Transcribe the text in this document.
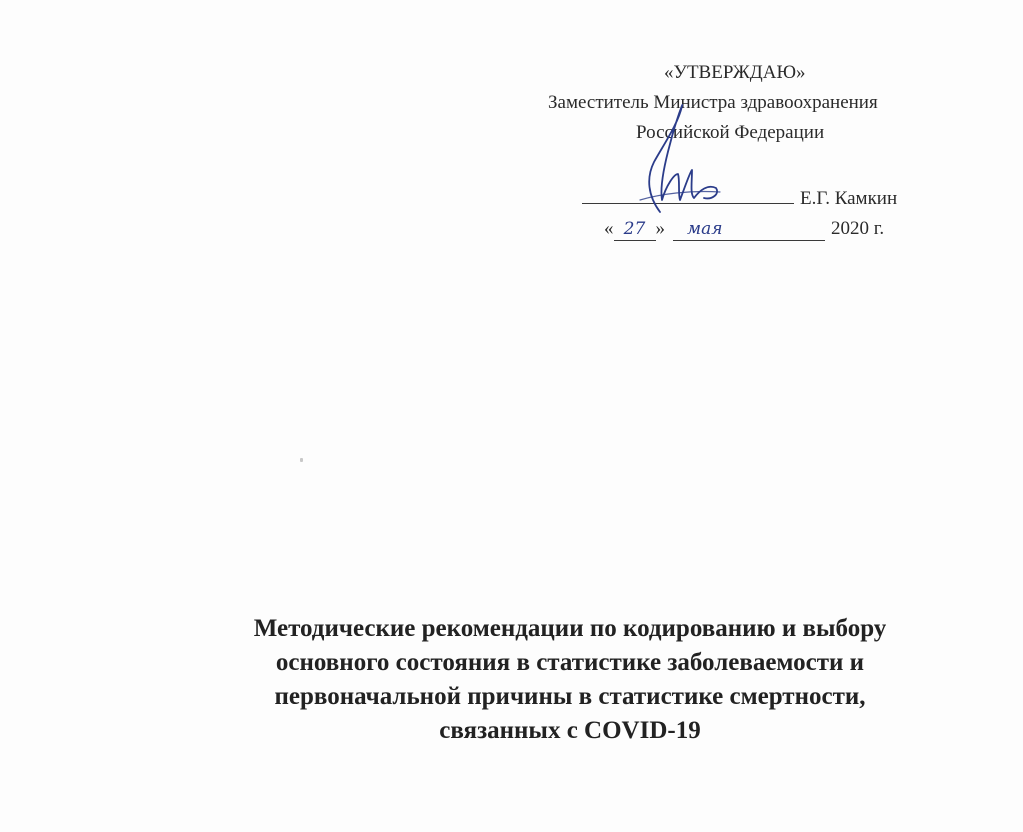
«УТВЕРЖДАЮ»
Заместитель Министра здравоохранения
Российской Федерации
Е.Г. Камкин
« 27 » мая	2020 г.
Методические рекомендации по кодированию и выбору
основного состояния в статистике заболеваемости и
первоначальной причины в статистике смертности,
связанных с COVID-19
